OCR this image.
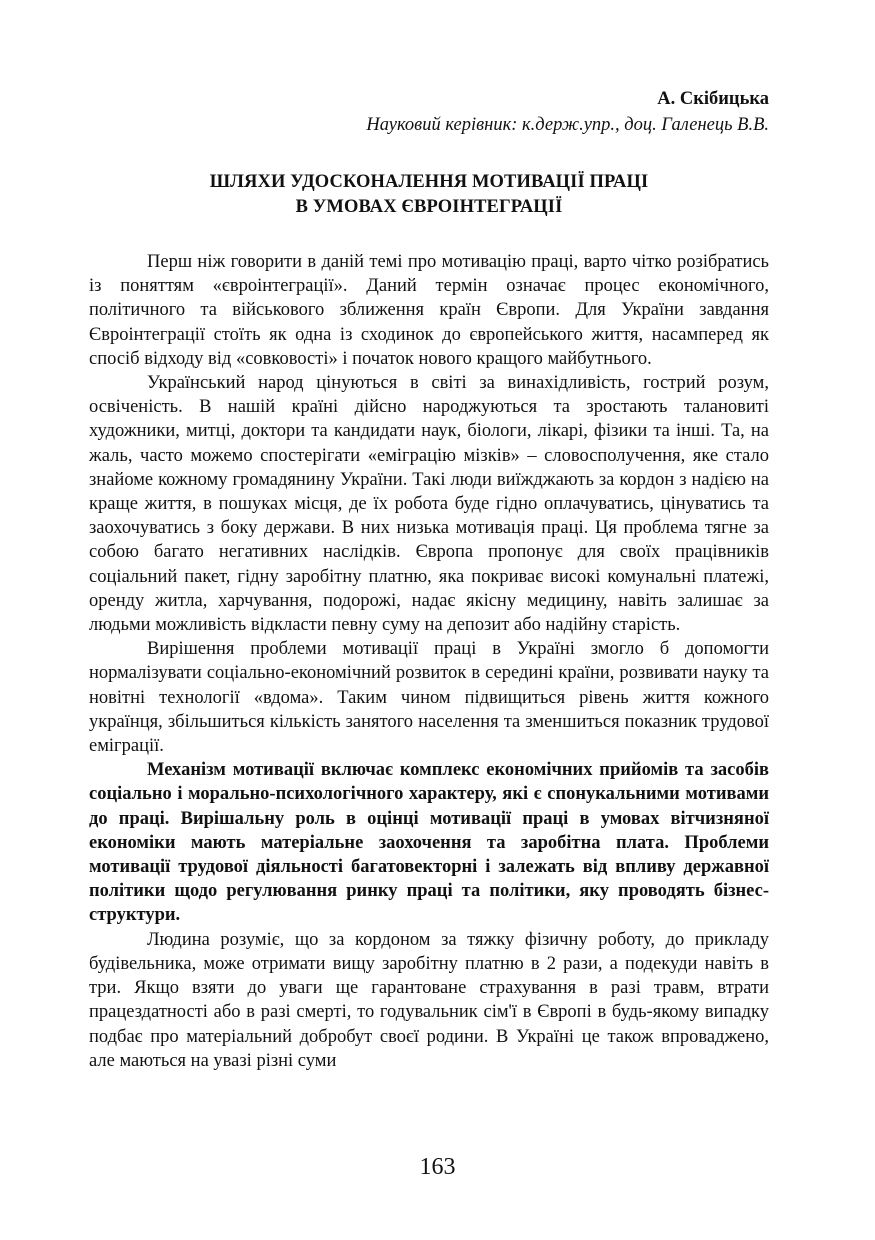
А. Скібицька

Науковий керівник: к.держ.упр., доц. Галенець В.В.

ШЛЯХИ УДОСКОНАЛЕННЯ МОТИВАЦІЇ ПРАЦІ
В УМОВАХ ЄВРОІНТЕГРАЦІЇ

Перш ніж говорити в даній темі про мотивацію праці, варто чітко розібратись із поняттям «євроінтеграції». Даний термін означає процес економічного, політичного та військового зближення країн Європи. Для України завдання Євроінтеграції стоїть як одна із сходинок до європейського життя, насамперед як спосіб відходу від «совковості» і початок нового кращого майбутнього.

Український народ цінуються в світі за винахідливість, гострий розум, освіченість. В нашій країні дійсно народжуються та зростають талановиті художники, митці, доктори та кандидати наук, біологи, лікарі, фізики та інші. Та, на жаль, часто можемо спостерігати «еміграцію мізків» – словосполучення, яке стало знайоме кожному громадянину України. Такі люди виїжджають за кордон з надією на краще життя, в пошуках місця, де їх робота буде гідно оплачуватись, цінуватись та заохочуватись з боку держави. В них низька мотивація праці. Ця проблема тягне за собою багато негативних наслідків. Європа пропонує для своїх працівників соціальний пакет, гідну заробітну платню, яка покриває високі комунальні платежі, оренду житла, харчування, подорожі, надає якісну медицину, навіть залишає за людьми можливість відкласти певну суму на депозит або надійну старість.

Вирішення проблеми мотивації праці в Україні змогло б допомогти нормалізувати соціально-економічний розвиток в середині країни, розвивати науку та новітні технології «вдома». Таким чином підвищиться рівень життя кожного українця, збільшиться кількість занятого населення та зменшиться показник трудової еміграції.

Механізм мотивації включає комплекс економічних прийомів та засобів соціально і морально-психологічного характеру, які є спонукальними мотивами до праці. Вирішальну роль в оцінці мотивації праці в умовах вітчизняної економіки мають матеріальне заохочення та заробітна плата. Проблеми мотивації трудової діяльності багатовекторні і залежать від впливу державної політики щодо регулювання ринку праці та політики, яку проводять бізнес-структури.

Людина розуміє, що за кордоном за тяжку фізичну роботу, до прикладу будівельника, може отримати вищу заробітну платню в 2 рази, а подекуди навіть в три. Якщо взяти до уваги ще гарантоване страхування в разі травм, втрати працездатності або в разі смерті, то годувальник сім'ї в Європі в будь-якому випадку подбає про матеріальний добробут своєї родини. В Україні це також впроваджено, але маються на увазі різні суми

163
